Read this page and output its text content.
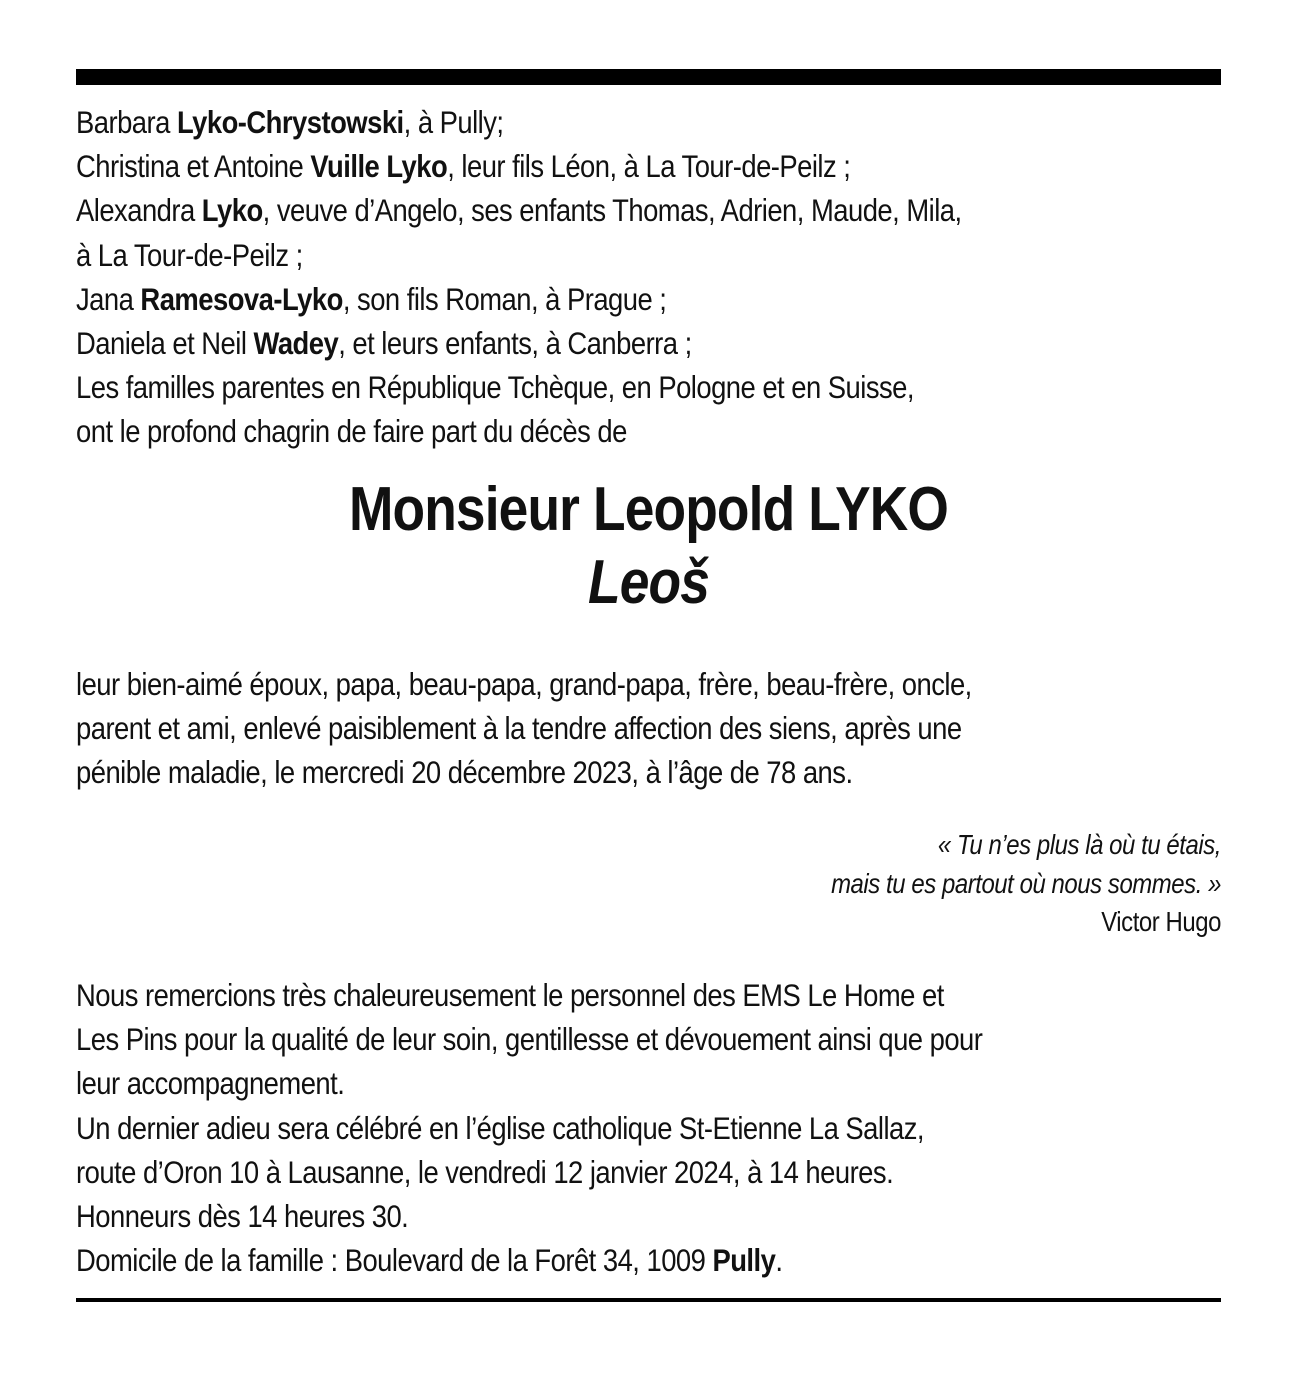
Barbara Lyko-Chrystowski, à Pully;
Christina et Antoine Vuille Lyko, leur fils Léon, à La Tour-de-Peilz ;
Alexandra Lyko, veuve d’Angelo, ses enfants Thomas, Adrien, Maude, Mila,
à La Tour-de-Peilz ;
Jana Ramesova-Lyko, son fils Roman, à Prague ;
Daniela et Neil Wadey, et leurs enfants, à Canberra ;
Les familles parentes en République Tchèque, en Pologne et en Suisse,
ont le profond chagrin de faire part du décès de
Monsieur Leopold LYKO
Leoš
leur bien-aimé époux, papa, beau-papa, grand-papa, frère, beau-frère, oncle,
parent et ami, enlevé paisiblement à la tendre affection des siens, après une
pénible maladie, le mercredi 20 décembre 2023, à l’âge de 78 ans.
« Tu n’es plus là où tu étais,
mais tu es partout où nous sommes. »
Victor Hugo
Nous remercions très chaleureusement le personnel des EMS Le Home et
Les Pins pour la qualité de leur soin, gentillesse et dévouement ainsi que pour
leur accompagnement.
Un dernier adieu sera célébré en l’église catholique St-Etienne La Sallaz,
route d’Oron 10 à Lausanne, le vendredi 12 janvier 2024, à 14 heures.
Honneurs dès 14 heures 30.
Domicile de la famille : Boulevard de la Forêt 34, 1009 Pully.
